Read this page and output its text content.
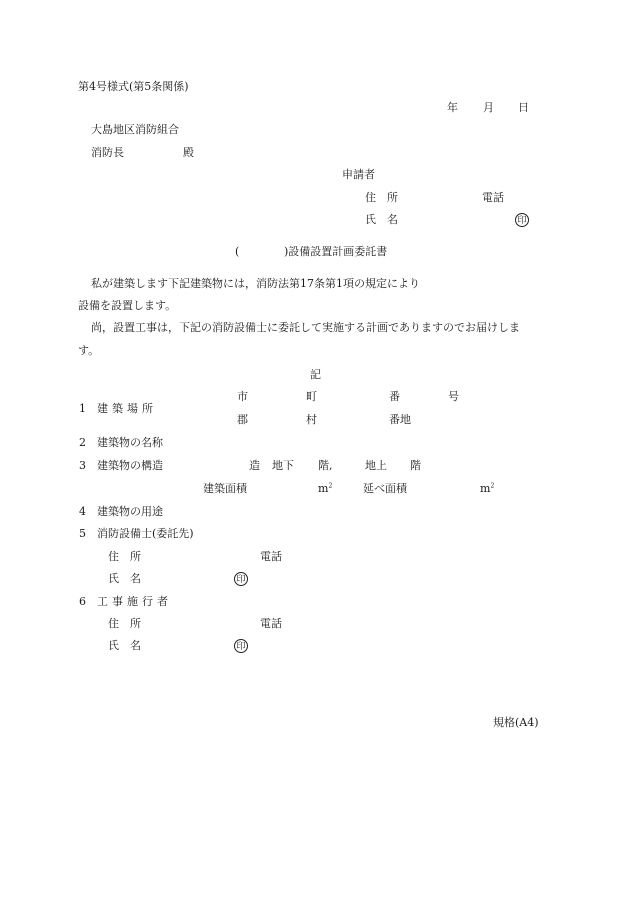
第4号様式(第5条関係)
年 月 日
大島地区消防組合
消防長	殿
申請者
住　所	電話
氏　名	印
(	)設備設置計画委託書
私が建築します下記建築物には，消防法第17条第1項の規定により
設備を設置します。
尚，設置工事は，下記の消防設備士に委託して実施する計画でありますのでお届けしま
す。
記
1 建築場所
市	町	番	号
郡	村	番地
2 建築物の名称
3 建築物の構造	造 地下 階,	地上 階
建築面積	$m^2$	延べ面積	$m^2$
4 建築物の用途
5 消防設備士(委託先)
住　所	電話
氏　名	印
6 工事施行者
住　所	電話
氏　名	印
規格(A4)
